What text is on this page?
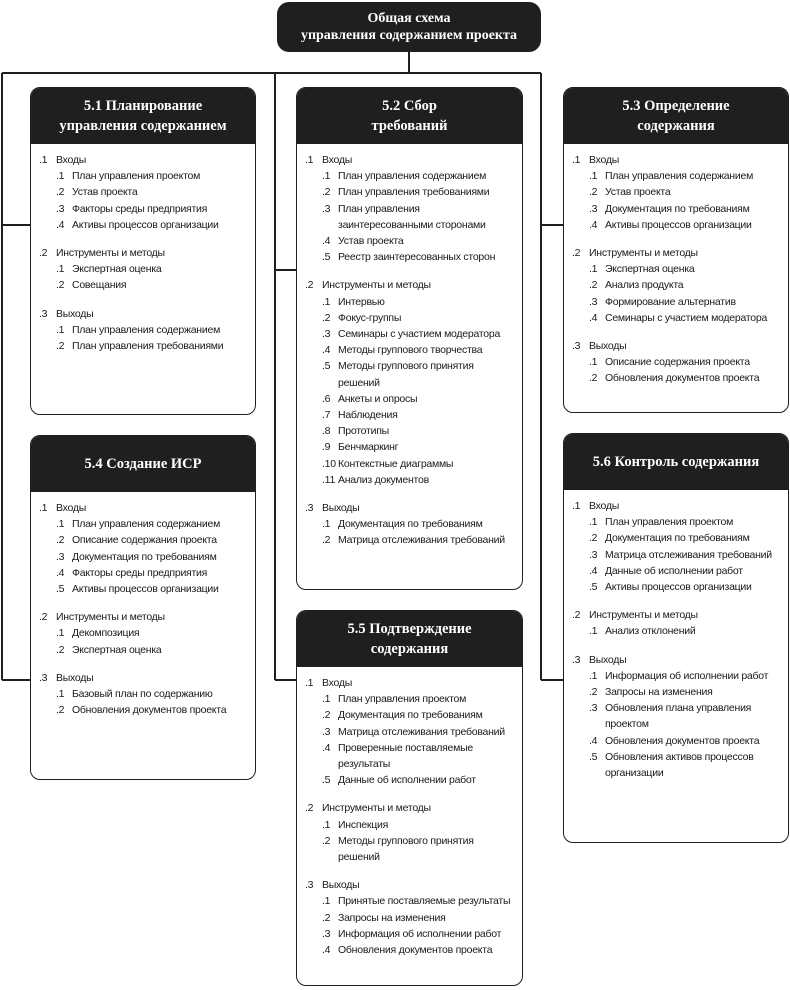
Общая схема
управления содержанием проекта
5.1 Планирование
управления содержанием
.1 Входы
.1 План управления проектом
.2 Устав проекта
.3 Факторы среды предприятия
.4 Активы процессов организации
.2 Инструменты и методы
.1 Экспертная оценка
.2 Совещания
.3 Выходы
.1 План управления содержанием
.2 План управления требованиями
5.2 Сбор
требований
.1 Входы
.1 План управления содержанием
.2 План управления требованиями
.3 План управления заинтересованными сторонами
.4 Устав проекта
.5 Реестр заинтересованных сторон
.2 Инструменты и методы
.1 Интервью
.2 Фокус-группы
.3 Семинары с участием модератора
.4 Методы группового творчества
.5 Методы группового принятия решений
.6 Анкеты и опросы
.7 Наблюдения
.8 Прототипы
.9 Бенчмаркинг
.10 Контекстные диаграммы
.11 Анализ документов
.3 Выходы
.1 Документация по требованиям
.2 Матрица отслеживания требований
5.3 Определение
содержания
.1 Входы
.1 План управления содержанием
.2 Устав проекта
.3 Документация по требованиям
.4 Активы процессов организации
.2 Инструменты и методы
.1 Экспертная оценка
.2 Анализ продукта
.3 Формирование альтернатив
.4 Семинары с участием модератора
.3 Выходы
.1 Описание содержания проекта
.2 Обновления документов проекта
5.4 Создание ИСР
.1 Входы
.1 План управления содержанием
.2 Описание содержания проекта
.3 Документация по требованиям
.4 Факторы среды предприятия
.5 Активы процессов организации
.2 Инструменты и методы
.1 Декомпозиция
.2 Экспертная оценка
.3 Выходы
.1 Базовый план по содержанию
.2 Обновления документов проекта
5.5 Подтверждение
содержания
.1 Входы
.1 План управления проектом
.2 Документация по требованиям
.3 Матрица отслеживания требований
.4 Проверенные поставляемые результаты
.5 Данные об исполнении работ
.2 Инструменты и методы
.1 Инспекция
.2 Методы группового принятия решений
.3 Выходы
.1 Принятые поставляемые результаты
.2 Запросы на изменения
.3 Информация об исполнении работ
.4 Обновления документов проекта
5.6 Контроль содержания
.1 Входы
.1 План управления проектом
.2 Документация по требованиям
.3 Матрица отслеживания требований
.4 Данные об исполнении работ
.5 Активы процессов организации
.2 Инструменты и методы
.1 Анализ отклонений
.3 Выходы
.1 Информация об исполнении работ
.2 Запросы на изменения
.3 Обновления плана управления проектом
.4 Обновления документов проекта
.5 Обновления активов процессов организации
